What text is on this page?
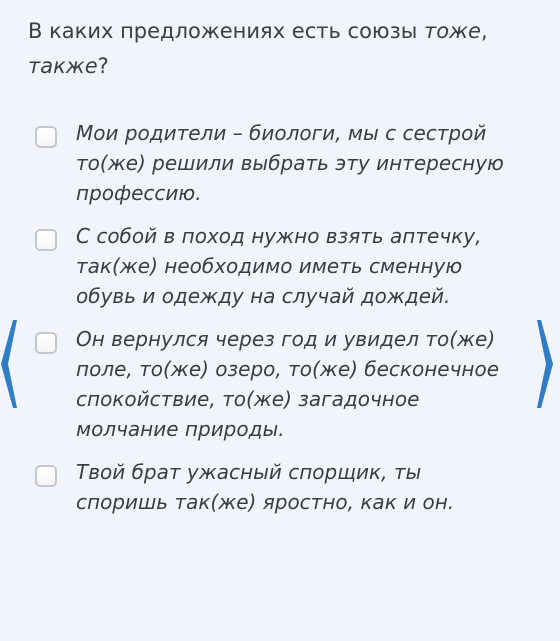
В каких предложениях есть союзы тоже, также?
Мои родители – биологи, мы с сестрой то(же) решили выбрать эту интересную профессию.
С собой в поход нужно взять аптечку, так(же) необходимо иметь сменную обувь и одежду на случай дождей.
Он вернулся через год и увидел то(же) поле, то(же) озеро, то(же) бесконечное спокойствие, то(же) загадочное молчание природы.
Твой брат ужасный спорщик, ты споришь так(же) яростно, как и он.
